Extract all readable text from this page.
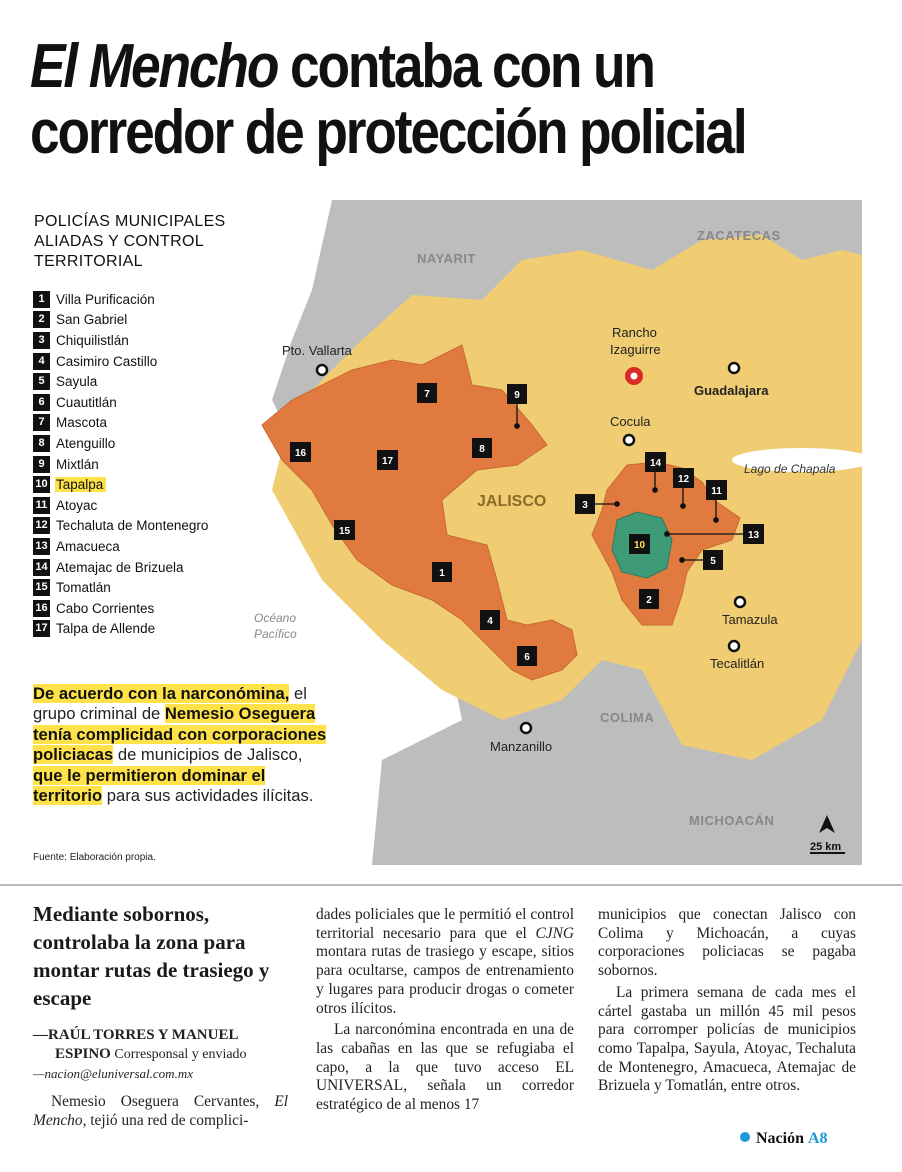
El Mencho contaba con un
corredor de protección policial
POLICÍAS MUNICIPALES ALIADAS Y CONTROL TERRITORIAL
1 Villa Purificación
2 San Gabriel
3 Chiquilistlán
4 Casimiro Castillo
5 Sayula
6 Cuautitlán
7 Mascota
8 Atenguillo
9 Mixtlán
10 Tapalpa
11 Atoyac
12 Techaluta de Montenegro
13 Amacueca
14 Atemajac de Brizuela
15 Tomatlán
16 Cabo Corrientes
17 Talpa de Allende
NAYARIT
ZACATECAS
JALISCO
COLIMA
MICHOACÁN
Pto. Vallarta
Rancho
Izaguirre
Guadalajara
Cocula
Tamazula
Tecalitlán
Manzanillo
Lago de Chapala
Océano
Pacífico
16
17
7	9
8
15
1
4
6
3
14
12
11
13
10
5
2
25 km
De acuerdo con la narconómina, el grupo criminal de Nemesio Oseguera tenía complicidad con corporaciones policiacas de municipios de Jalisco, que le permitieron dominar el territorio para sus actividades ilícitas.
Fuente: Elaboración propia.
Mediante sobornos, controlaba la zona para montar rutas de trasiego y escape
—RAÚL TORRES Y MANUEL
ESPINO Corresponsal y enviado
—nacion@eluniversal.com.mx

Nemesio Oseguera Cervantes, El Mencho, tejió una red de complici-

dades policiales que le permitió el control territorial necesario para que el CJNG montara rutas de trasiego y escape, sitios para ocultarse, campos de entrenamiento y lugares para producir drogas o cometer otros ilícitos.

La narconómina encontrada en una de las cabañas en las que se refugiaba el capo, a la que tuvo acceso EL UNIVERSAL, señala un corredor estratégico de al menos 17

municipios que conectan Jalisco con Colima y Michoacán, a cuyas corporaciones policiacas se pagaba sobornos.

La primera semana de cada mes el cártel gastaba un millón 45 mil pesos para corromper policías de municipios como Tapalpa, Sayula, Atoyac, Techaluta de Montenegro, Amacueca, Atemajac de Brizuela y Tomatlán, entre otros.

Nación A8
